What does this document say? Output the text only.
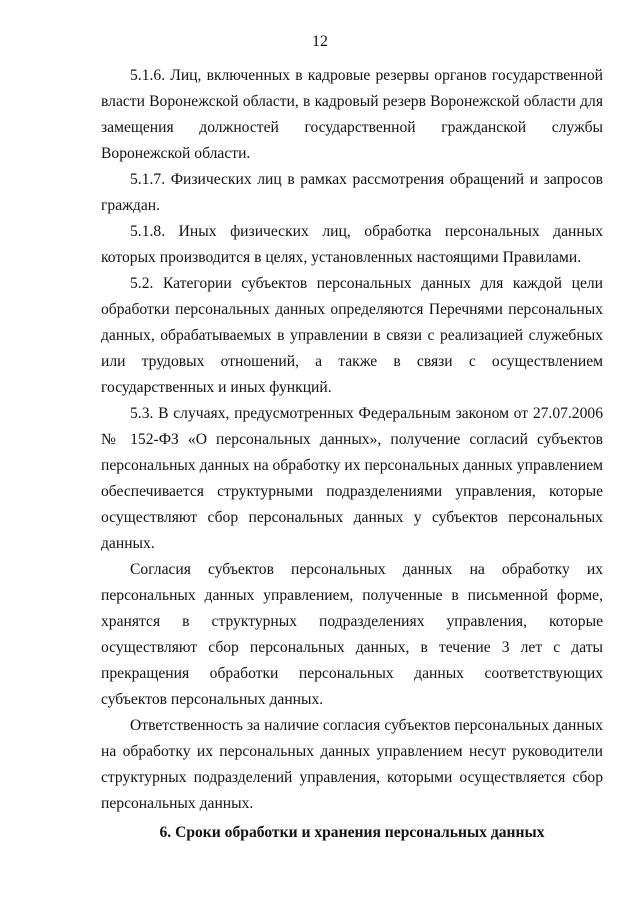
12

5.1.6. Лиц, включенных в кадровые резервы органов государственной власти Воронежской области, в кадровый резерв Воронежской области для замещения должностей государственной гражданской службы Воронежской области.

5.1.7. Физических лиц в рамках рассмотрения обращений и запросов граждан.

5.1.8. Иных физических лиц, обработка персональных данных которых производится в целях, установленных настоящими Правилами.

5.2. Категории субъектов персональных данных для каждой цели обработки персональных данных определяются Перечнями персональных данных, обрабатываемых в управлении в связи с реализацией служебных или трудовых отношений, а также в связи с осуществлением государственных и иных функций.

5.3. В случаях, предусмотренных Федеральным законом от 27.07.2006 № 152-ФЗ «О персональных данных», получение согласий субъектов персональных данных на обработку их персональных данных управлением обеспечивается структурными подразделениями управления, которые осуществляют сбор персональных данных у субъектов персональных данных.

Согласия субъектов персональных данных на обработку их персональных данных управлением, полученные в письменной форме, хранятся в структурных подразделениях управления, которые осуществляют сбор персональных данных, в течение 3 лет с даты прекращения обработки персональных данных соответствующих субъектов персональных данных.

Ответственность за наличие согласия субъектов персональных данных на обработку их персональных данных управлением несут руководители структурных подразделений управления, которыми осуществляется сбор персональных данных.

6. Сроки обработки и хранения персональных данных
